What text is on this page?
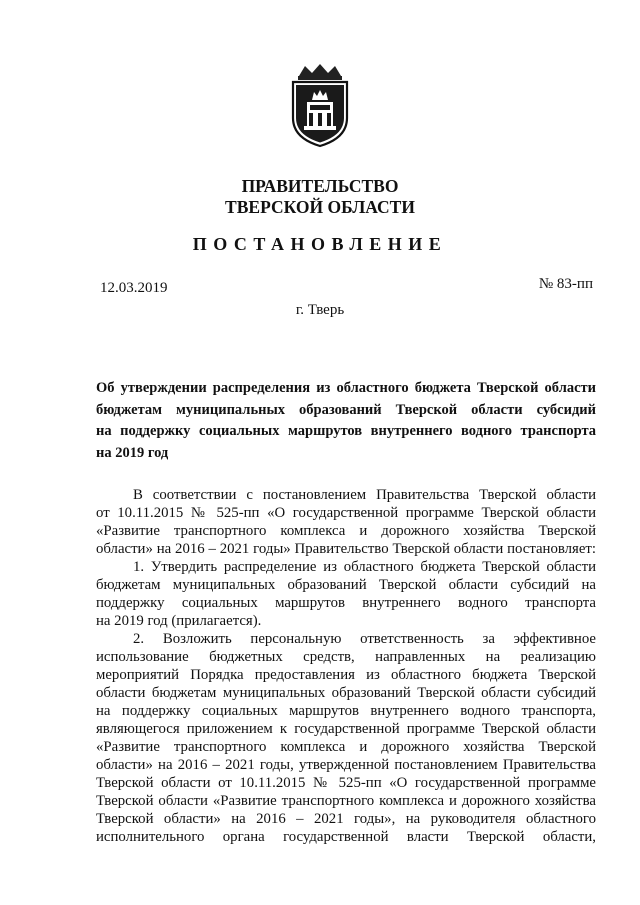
ПРАВИТЕЛЬСТВО
ТВЕРСКОЙ ОБЛАСТИ
ПОСТАНОВЛЕНИЕ
12.03.2019	№ 83-пп
г. Тверь
Об утверждении распределения из областного бюджета Тверской области
бюджетам муниципальных образований Тверской области субсидий
на поддержку социальных маршрутов внутреннего водного транспорта
на 2019 год
В соответствии с постановлением Правительства Тверской области
от 10.11.2015 № 525-пп «О государственной программе Тверской области
«Развитие транспортного комплекса и дорожного хозяйства Тверской
области» на 2016 – 2021 годы» Правительство Тверской области постановляет:
1. Утвердить распределение из областного бюджета Тверской области
бюджетам муниципальных образований Тверской области субсидий на
поддержку социальных маршрутов внутреннего водного транспорта
на 2019 год (прилагается).
2. Возложить персональную ответственность за эффективное
использование бюджетных средств, направленных на реализацию
мероприятий Порядка предоставления из областного бюджета Тверской
области бюджетам муниципальных образований Тверской области субсидий
на поддержку социальных маршрутов внутреннего водного транспорта,
являющегося приложением к государственной программе Тверской области
«Развитие транспортного комплекса и дорожного хозяйства Тверской
области» на 2016 – 2021 годы, утвержденной постановлением Правительства
Тверской области от 10.11.2015 № 525-пп «О государственной программе
Тверской области «Развитие транспортного комплекса и дорожного хозяйства
Тверской области» на 2016 – 2021 годы», на руководителя областного
исполнительного органа государственной власти Тверской области,
